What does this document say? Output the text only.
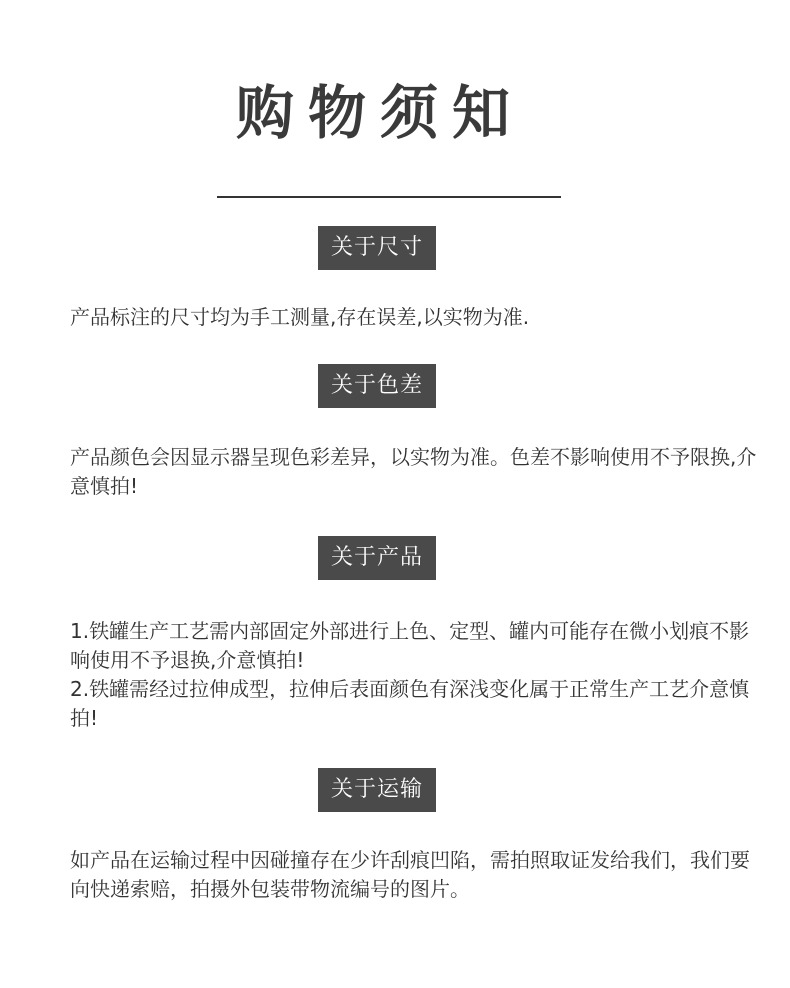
购物须知
关于尺寸

产品标注的尺寸均为手工测量,存在误差,以实物为准.

关于色差

产品颜色会因显示器呈现色彩差异，以实物为准。色差不影响使用不予限换,介意慎拍!

关于产品

1.铁罐生产工艺需内部固定外部进行上色、定型、罐内可能存在微小划痕不影响使用不予退换,介意慎拍!

2.铁罐需经过拉伸成型，拉伸后表面颜色有深浅变化属于正常生产工艺介意慎拍!

关于运输

如产品在运输过程中因碰撞存在少许刮痕凹陷，需拍照取证发给我们，我们要向快递索赔，拍摄外包装带物流编号的图片。
